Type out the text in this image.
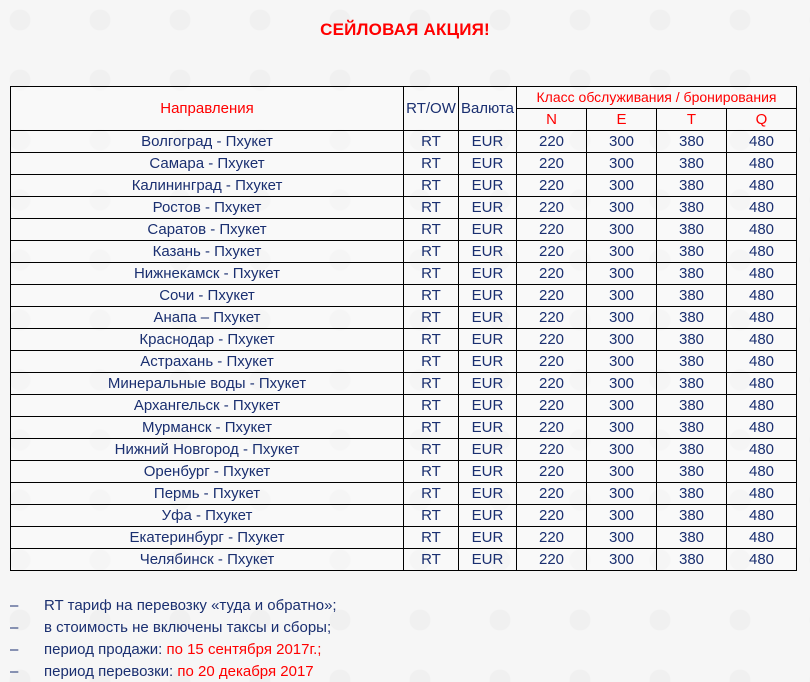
СЕЙЛОВАЯ АКЦИЯ!
Направления	RT/OW	Валюта	Класс обслуживания / бронирования			
			N	E	T	Q
Волгоград - Пхукет	RT	EUR	220	300	380	480
Самара - Пхукет	RT	EUR	220	300	380	480
Калининград - Пхукет	RT	EUR	220	300	380	480
Ростов - Пхукет	RT	EUR	220	300	380	480
Саратов - Пхукет	RT	EUR	220	300	380	480
Казань - Пхукет	RT	EUR	220	300	380	480
Нижнекамск - Пхукет	RT	EUR	220	300	380	480
Сочи - Пхукет	RT	EUR	220	300	380	480
Анапа – Пхукет	RT	EUR	220	300	380	480
Краснодар - Пхукет	RT	EUR	220	300	380	480
Астрахань - Пхукет	RT	EUR	220	300	380	480
Минеральные воды - Пхукет	RT	EUR	220	300	380	480
Архангельск - Пхукет	RT	EUR	220	300	380	480
Мурманск - Пхукет	RT	EUR	220	300	380	480
Нижний Новгород - Пхукет	RT	EUR	220	300	380	480
Оренбург - Пхукет	RT	EUR	220	300	380	480
Пермь - Пхукет	RT	EUR	220	300	380	480
Уфа - Пхукет	RT	EUR	220	300	380	480
Екатеринбург - Пхукет	RT	EUR	220	300	380	480
Челябинск - Пхукет	RT	EUR	220	300	380	480
–	RT тариф на перевозку «туда и обратно»;
–	в стоимость не включены таксы и сборы;
–	период продажи: по 15 сентября 2017г.;
–	период перевозки: по 20 декабря 2017
